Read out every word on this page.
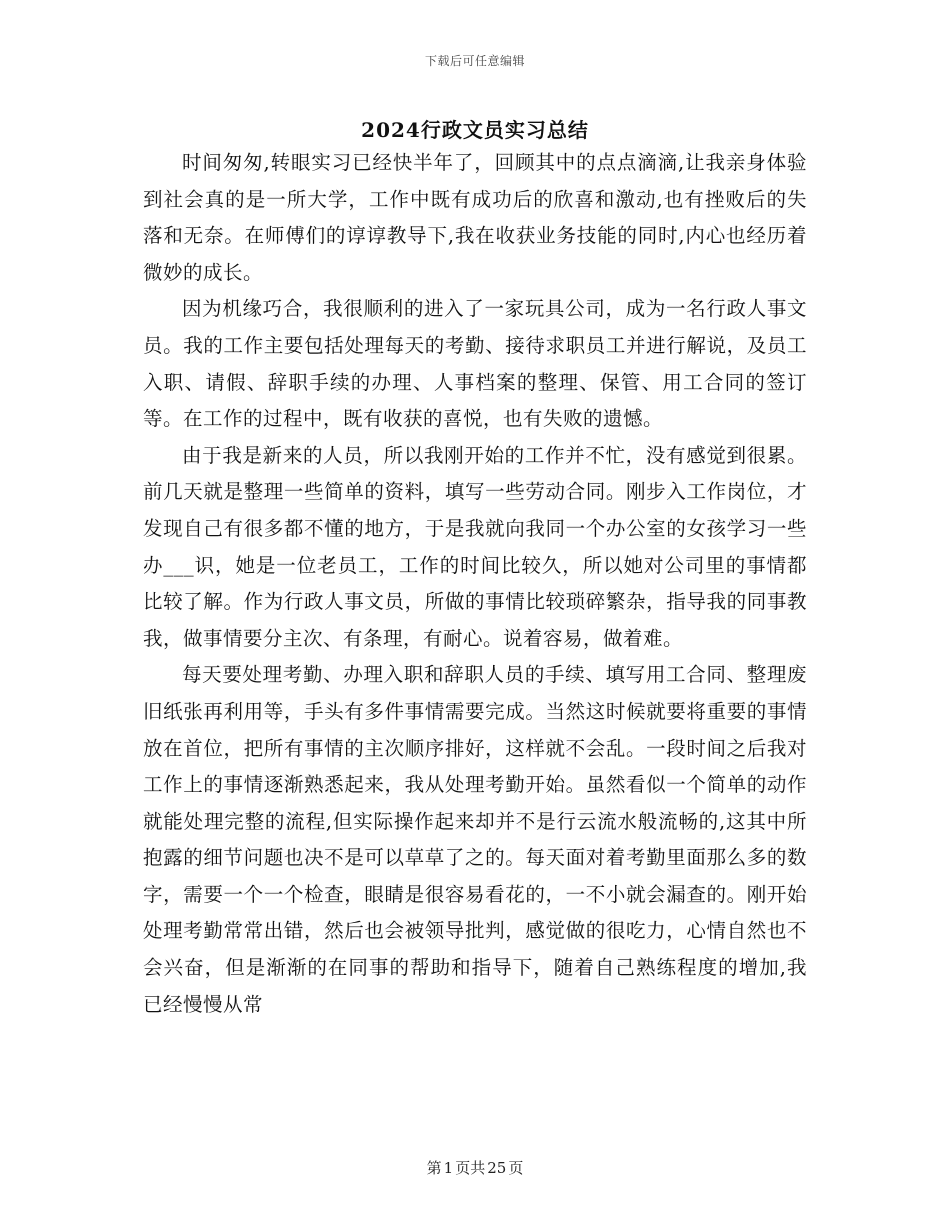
下载后可任意编辑
2024行政文员实习总结

时间匆匆,转眼实习已经快半年了，回顾其中的点点滴滴,让我亲身体验到社会真的是一所大学，工作中既有成功后的欣喜和激动,也有挫败后的失落和无奈。在师傅们的谆谆教导下,我在收获业务技能的同时,内心也经历着微妙的成长。

因为机缘巧合，我很顺利的进入了一家玩具公司，成为一名行政人事文员。我的工作主要包括处理每天的考勤、接待求职员工并进行解说，及员工入职、请假、辞职手续的办理、人事档案的整理、保管、用工合同的签订等。在工作的过程中，既有收获的喜悦，也有失败的遗憾。

由于我是新来的人员，所以我刚开始的工作并不忙，没有感觉到很累。前几天就是整理一些简单的资料，填写一些劳动合同。刚步入工作岗位，才发现自己有很多都不懂的地方，于是我就向我同一个办公室的女孩学习一些办___识，她是一位老员工，工作的时间比较久，所以她对公司里的事情都比较了解。作为行政人事文员，所做的事情比较琐碎繁杂，指导我的同事教我，做事情要分主次、有条理，有耐心。说着容易，做着难。

每天要处理考勤、办理入职和辞职人员的手续、填写用工合同、整理废旧纸张再利用等，手头有多件事情需要完成。当然这时候就要将重要的事情放在首位，把所有事情的主次顺序排好，这样就不会乱。一段时间之后我对工作上的事情逐渐熟悉起来，我从处理考勤开始。虽然看似一个简单的动作就能处理完整的流程,但实际操作起来却并不是行云流水般流畅的,这其中所抱露的细节问题也决不是可以草草了之的。每天面对着考勤里面那么多的数字，需要一个一个检查，眼睛是很容易看花的，一不小就会漏查的。刚开始处理考勤常常出错，然后也会被领导批判，感觉做的很吃力，心情自然也不会兴奋，但是渐渐的在同事的帮助和指导下，随着自己熟练程度的增加,我已经慢慢从常

第 1 页共 25 页
